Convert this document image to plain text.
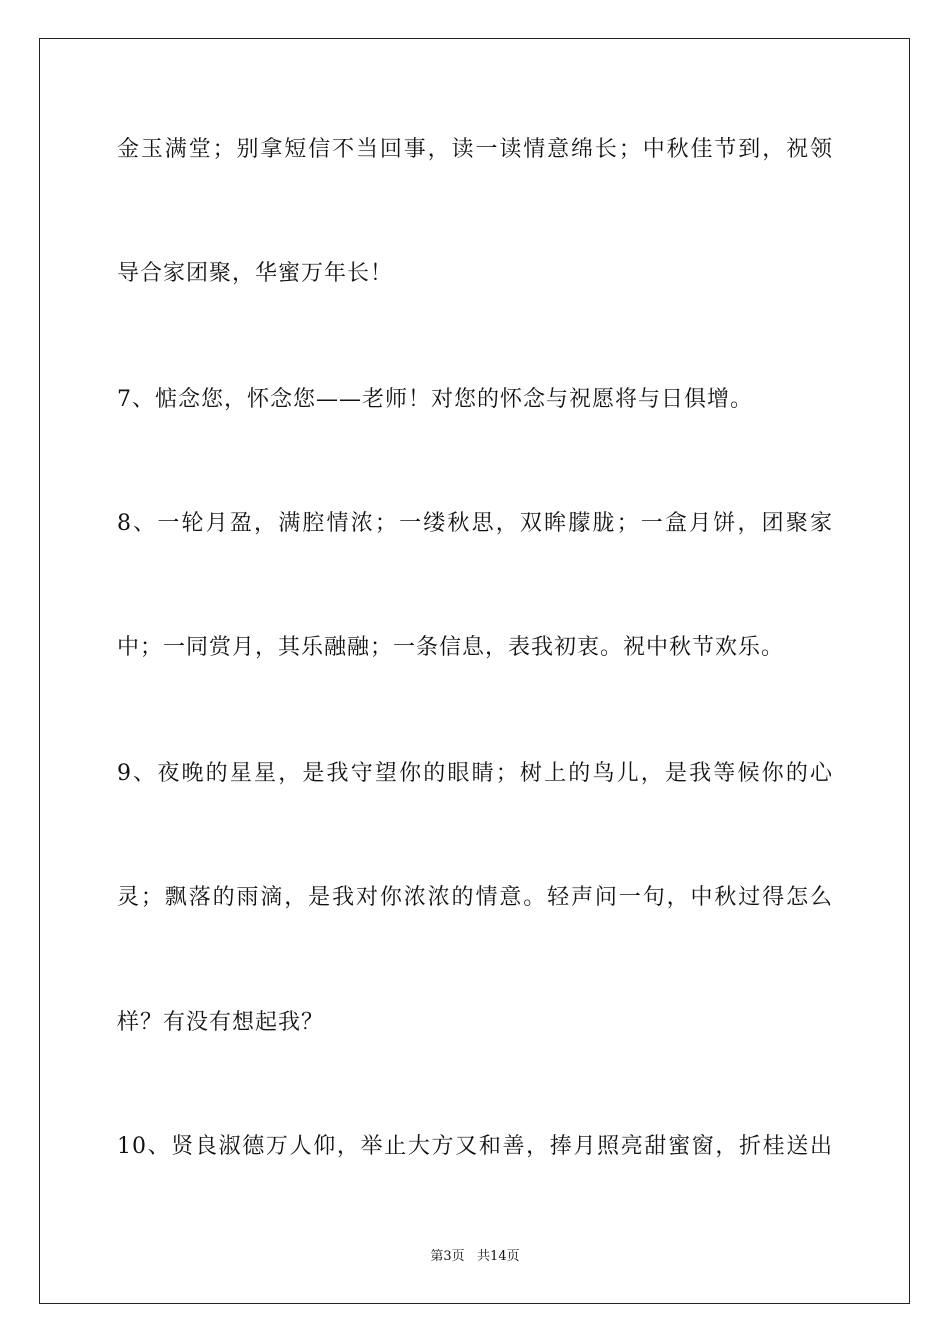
金玉满堂；别拿短信不当回事，读一读情意绵长；中秋佳节到，祝领
导合家团聚，华蜜万年长！
7、惦念您，怀念您——老师！对您的怀念与祝愿将与日俱增。
8、一轮月盈，满腔情浓；一缕秋思，双眸朦胧；一盒月饼，团聚家
中；一同赏月，其乐融融；一条信息，表我初衷。祝中秋节欢乐。
9、夜晚的星星，是我守望你的眼睛；树上的鸟儿，是我等候你的心
灵；飘落的雨滴，是我对你浓浓的情意。轻声问一句，中秋过得怎么
样？有没有想起我？
10、贤良淑德万人仰，举止大方又和善，捧月照亮甜蜜窗，折桂送出
第3页   共14页
